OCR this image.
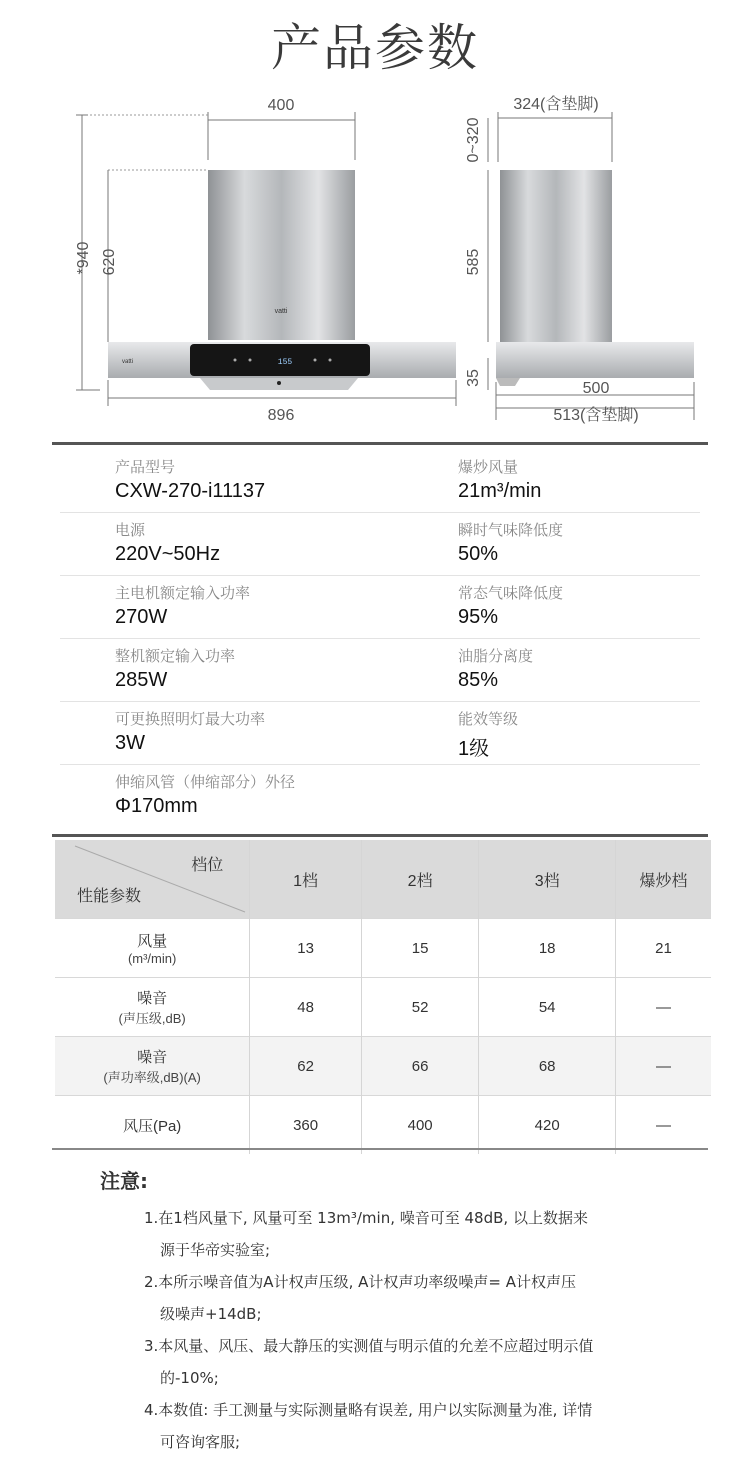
产品参数
400
vatti
vatti	155
*940 620
896
324(含垫脚)
0~320
585
35
500
513(含垫脚)
产品型号
CXW-270-i11137
爆炒风量
21m³/min
电源
220V~50Hz
瞬时气味降低度
50%
主电机额定输入功率
270W
常态气味降低度
95%
整机额定输入功率
285W
油脂分离度
85%
可更换照明灯最大功率
3W
能效等级
1级
伸缩风管（伸缩部分）外径
Φ170mm
档位
性能参数	1档	2档	3档	爆炒档
风量
(m³/min)	13	15	18	21
噪音
(声压级,dB)	48	52	54	—
噪音
(声功率级,dB)(A)	62	66	68	—
风压(Pa)	360	400	420	—
注意:
1.在1档风量下, 风量可至 13m³/min, 噪音可至 48dB, 以上数据来
源于华帝实验室;
2.本所示噪音值为A计权声压级, A计权声功率级噪声= A计权声压
级噪声+14dB;
3.本风量、风压、最大静压的实测值与明示值的允差不应超过明示值
的-10%;
4.本数值: 手工测量与实际测量略有误差, 用户以实际测量为准, 详情
可咨询客服;
